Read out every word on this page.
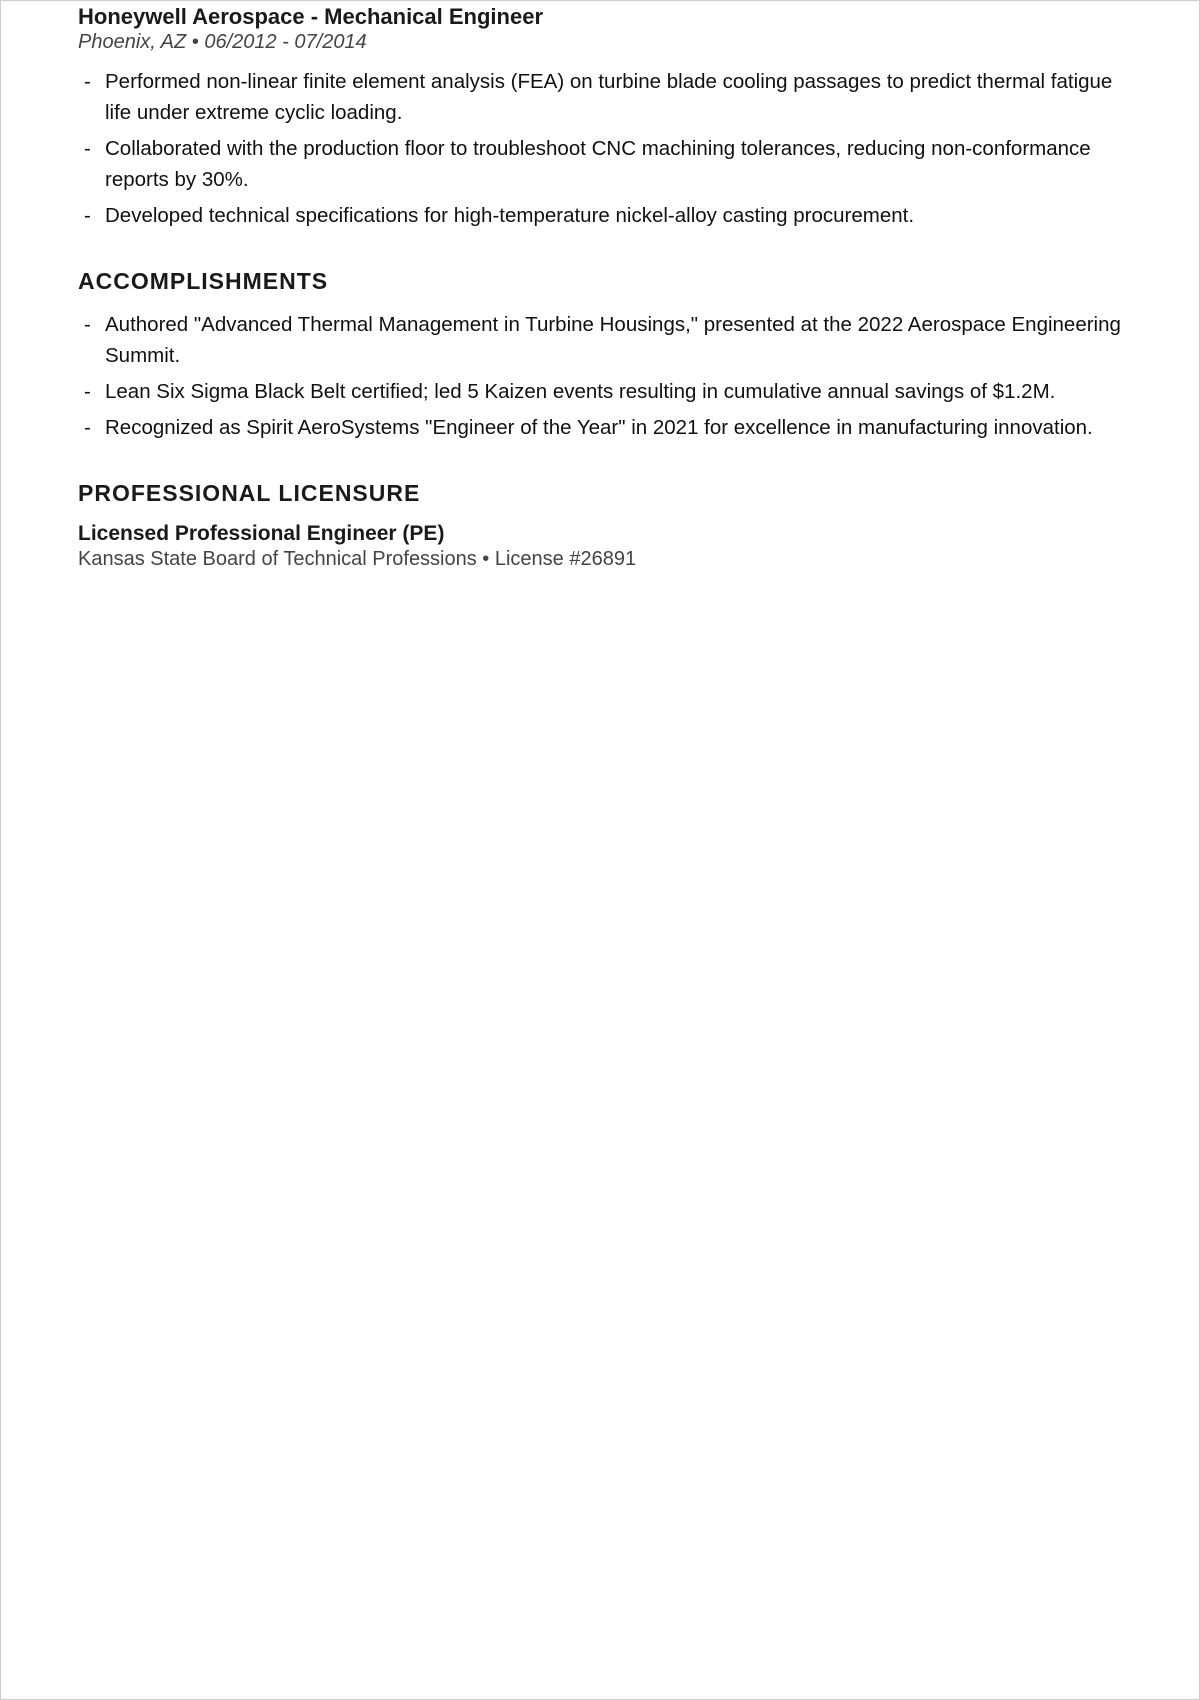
Honeywell Aerospace - Mechanical Engineer

Phoenix, AZ • 06/2012 - 07/2014

- Performed non-linear finite element analysis (FEA) on turbine blade cooling passages to predict thermal fatigue life under extreme cyclic loading.
- Collaborated with the production floor to troubleshoot CNC machining tolerances, reducing non-conformance reports by 30%.
- Developed technical specifications for high-temperature nickel-alloy casting procurement.
ACCOMPLISHMENTS
- Authored "Advanced Thermal Management in Turbine Housings," presented at the 2022 Aerospace Engineering Summit.
- Lean Six Sigma Black Belt certified; led 5 Kaizen events resulting in cumulative annual savings of $1.2M.
- Recognized as Spirit AeroSystems "Engineer of the Year" in 2021 for excellence in manufacturing innovation.
PROFESSIONAL LICENSURE

Licensed Professional Engineer (PE)

Kansas State Board of Technical Professions • License #26891
